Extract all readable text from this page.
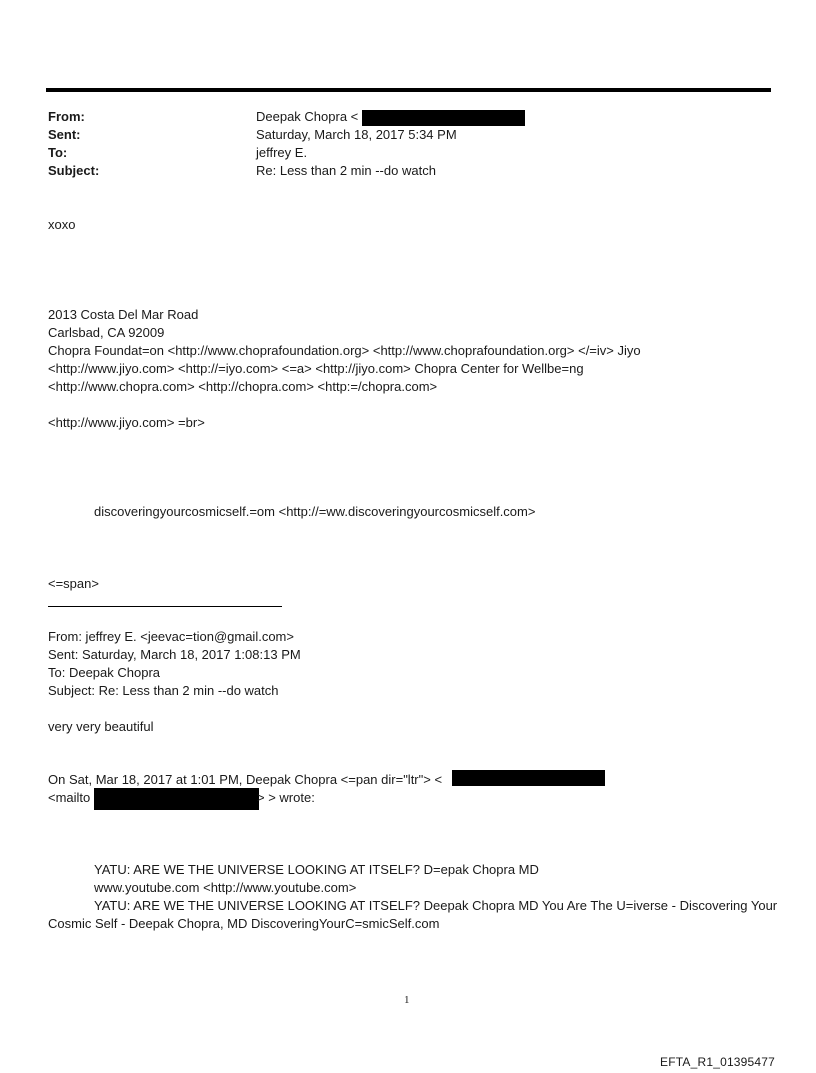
From:	Deepak Chopra <
Sent:	Saturday, March 18, 2017 5:34 PM
To:	jeffrey E.
Subject:	Re: Less than 2 min --do watch
xoxo
2013 Costa Del Mar Road
Carlsbad, CA 92009
Chopra Foundat=on <http://www.choprafoundation.org> <http://www.choprafoundation.org> </=iv> Jiyo
<http://www.jiyo.com> <http://=iyo.com> <=a> <http://jiyo.com> Chopra Center for Wellbe=ng
<http://www.chopra.com> <http://chopra.com> <http:=/chopra.com>
<http://www.jiyo.com> =br>
discoveringyourcosmicself.=om <http://=ww.discoveringyourcosmicself.com>
<=span>
From: jeffrey E. <jeevac=tion@gmail.com>
Sent: Saturday, March 18, 2017 1:08:13 PM
To: Deepak Chopra
Subject: Re: Less than 2 min --do watch
very very beautiful
On Sat, Mar 18, 2017 at 1:01 PM, Deepak Chopra <=pan dir="ltr"> <
<mailto	> > wrote:
YATU: ARE WE THE UNIVERSE LOOKING AT ITSELF? D=epak Chopra MD
www.youtube.com <http://www.youtube.com>
YATU: ARE WE THE UNIVERSE LOOKING AT ITSELF? Deepak Chopra MD You Are The U=iverse - Discovering Your
Cosmic Self - Deepak Chopra, MD DiscoveringYourC=smicSelf.com
1
EFTA_R1_01395477
